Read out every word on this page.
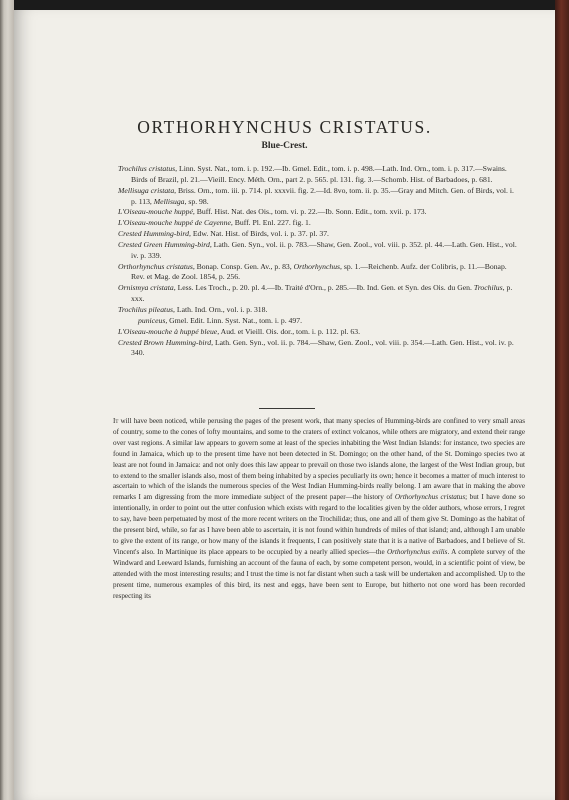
ORTHORHYNCHUS CRISTATUS.
Blue-Crest.

Trochilus cristatus, Linn. Syst. Nat., tom. i. p. 192.—Ib. Gmel. Edit., tom. i. p. 498.—Lath. Ind. Orn., tom. i. p. 317.—Swains. Birds of Brazil, pl. 21.—Vieill. Ency. Méth. Orn., part 2. p. 565. pl. 131. fig. 3.—Schomb. Hist. of Barbadoes, p. 681.

Mellisuga cristata, Briss. Orn., tom. iii. p. 714. pl. xxxvii. fig. 2.—Id. 8vo, tom. ii. p. 35.—Gray and Mitch. Gen. of Birds, vol. i. p. 113, Mellisuga, sp. 98.

L'Oiseau-mouche huppé, Buff. Hist. Nat. des Ois., tom. vi. p. 22.—Ib. Sonn. Edit., tom. xvii. p. 173.

L'Oiseau-mouche huppé de Cayenne, Buff. Pl. Enl. 227. fig. 1.

Crested Humming-bird, Edw. Nat. Hist. of Birds, vol. i. p. 37. pl. 37.

Crested Green Humming-bird, Lath. Gen. Syn., vol. ii. p. 783.—Shaw, Gen. Zool., vol. viii. p. 352. pl. 44.—Lath. Gen. Hist., vol. iv. p. 339.

Orthorhynchus cristatus, Bonap. Consp. Gen. Av., p. 83, Orthorhynchus, sp. 1.—Reichenb. Aufz. der Colibris, p. 11.—Bonap. Rev. et Mag. de Zool. 1854, p. 256.

Ornismya cristata, Less. Les Troch., p. 20. pl. 4.—Ib. Traité d'Orn., p. 285.—Ib. Ind. Gen. et Syn. des Ois. du Gen. Trochilus, p. xxx.

Trochilus pileatus, Lath. Ind. Orn., vol. i. p. 318.

puniceus, Gmel. Edit. Linn. Syst. Nat., tom. i. p. 497.

L'Oiseau-mouche à huppé bleue, Aud. et Vieill. Ois. dor., tom. i. p. 112. pl. 63.

Crested Brown Humming-bird, Lath. Gen. Syn., vol. ii. p. 784.—Shaw, Gen. Zool., vol. viii. p. 354.—Lath. Gen. Hist., vol. iv. p. 340.

It will have been noticed, while perusing the pages of the present work, that many species of Humming-birds are confined to very small areas of country, some to the cones of lofty mountains, and some to the craters of extinct volcanos, while others are migratory, and extend their range over vast regions. A similar law appears to govern some at least of the species inhabiting the West Indian Islands: for instance, two species are found in Jamaica, which up to the present time have not been detected in St. Domingo; on the other hand, of the St. Domingo species two at least are not found in Jamaica: and not only does this law appear to prevail on those two islands alone, the largest of the West Indian group, but to extend to the smaller islands also, most of them being inhabited by a species peculiarly its own; hence it becomes a matter of much interest to ascertain to which of the islands the numerous species of the West Indian Humming-birds really belong. I am aware that in making the above remarks I am digressing from the more immediate subject of the present paper—the history of Orthorhynchus cristatus; but I have done so intentionally, in order to point out the utter confusion which exists with regard to the localities given by the older authors, whose errors, I regret to say, have been perpetuated by most of the more recent writers on the Trochilidæ; thus, one and all of them give St. Domingo as the habitat of the present bird, while, so far as I have been able to ascertain, it is not found within hundreds of miles of that island; and, although I am unable to give the extent of its range, or how many of the islands it frequents, I can positively state that it is a native of Barbadoes, and I believe of St. Vincent's also. In Martinique its place appears to be occupied by a nearly allied species—the Orthorhynchus exilis. A complete survey of the Windward and Leeward Islands, furnishing an account of the fauna of each, by some competent person, would, in a scientific point of view, be attended with the most interesting results; and I trust the time is not far distant when such a task will be undertaken and accomplished. Up to the present time, numerous examples of this bird, its nest and eggs, have been sent to Europe, but hitherto not one word has been recorded respecting its
